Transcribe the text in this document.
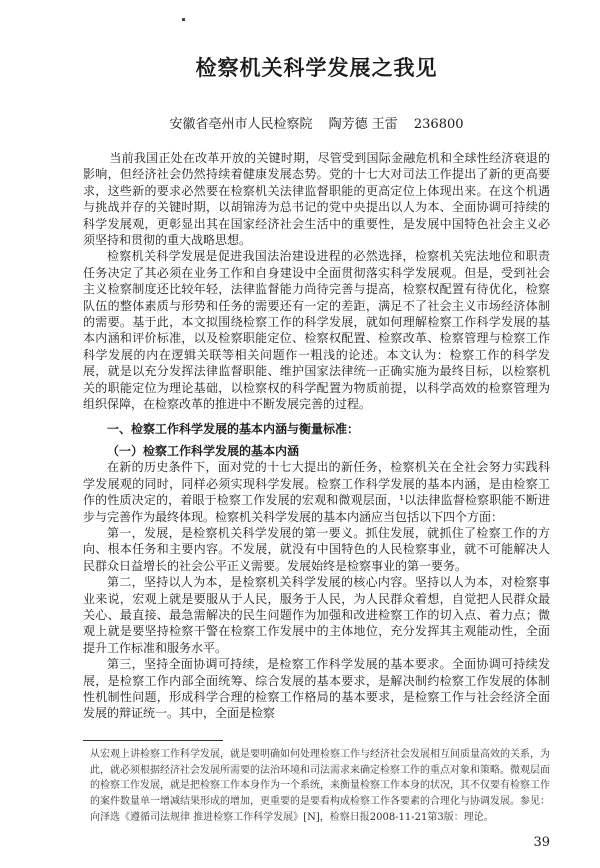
检察机关科学发展之我见
安徽省亳州市人民检察院 陶芳德 王雷 236800

当前我国正处在改革开放的关键时期，尽管受到国际金融危机和全球性经济衰退的影响，但经济社会仍然持续着健康发展态势。党的十七大对司法工作提出了新的更高要求，这些新的要求必然要在检察机关法律监督职能的更高定位上体现出来。在这个机遇与挑战并存的关键时期，以胡锦涛为总书记的党中央提出以人为本、全面协调可持续的科学发展观，更彰显出其在国家经济社会生活中的重要性，是发展中国特色社会主义必须坚持和贯彻的重大战略思想。

检察机关科学发展是促进我国法治建设进程的必然选择，检察机关宪法地位和职责任务决定了其必须在业务工作和自身建设中全面贯彻落实科学发展观。但是，受到社会主义检察制度还比较年轻，法律监督能力尚待完善与提高，检察权配置有待优化，检察队伍的整体素质与形势和任务的需要还有一定的差距，满足不了社会主义市场经济体制的需要。基于此，本文拟围绕检察工作的科学发展，就如何理解检察工作科学发展的基本内涵和评价标准，以及检察职能定位、检察权配置、检察改革、检察管理与检察工作科学发展的内在逻辑关联等相关问题作一粗浅的论述。本文认为：检察工作的科学发展，就是以充分发挥法律监督职能、维护国家法律统一正确实施为最终目标，以检察机关的职能定位为理论基础，以检察权的科学配置为物质前提，以科学高效的检察管理为组织保障，在检察改革的推进中不断发展完善的过程。

一、检察工作科学发展的基本内涵与衡量标准：

（一）检察工作科学发展的基本内涵

在新的历史条件下，面对党的十七大提出的新任务，检察机关在全社会努力实践科学发展观的同时，同样必须实现科学发展。检察工作科学发展的基本内涵，是由检察工作的性质决定的，着眼于检察工作发展的宏观和微观层面，¹以法律监督检察职能不断进步与完善作为最终体现。检察机关科学发展的基本内涵应当包括以下四个方面：

第一，发展，是检察机关科学发展的第一要义。抓住发展，就抓住了检察工作的方向、根本任务和主要内容。不发展，就没有中国特色的人民检察事业，就不可能解决人民群众日益增长的社会公平正义需要。发展始终是检察事业的第一要务。

第二，坚持以人为本，是检察机关科学发展的核心内容。坚持以人为本，对检察事业来说，宏观上就是要服从于人民，服务于人民，为人民群众着想，自觉把人民群众最关心、最直接、最急需解决的民生问题作为加强和改进检察工作的切入点、着力点；微观上就是要坚持检察干警在检察工作发展中的主体地位，充分发挥其主观能动性，全面提升工作标准和服务水平。

第三，坚持全面协调可持续，是检察工作科学发展的基本要求。全面协调可持续发展，是检察工作内部全面统筹、综合发展的基本要求，是解决制约检察工作发展的体制性机制性问题，形成科学合理的检察工作格局的基本要求，是检察工作与社会经济全面发展的辩证统一。其中，全面是检察

从宏观上讲检察工作科学发展，就是要明确如何处理检察工作与经济社会发展相互间质量高效的关系，为此，就必须根据经济社会发展所需要的法治环境和司法需求来确定检察工作的重点对象和策略。微观层面的检察工作发展，就是把检察工作本身作为一个系统，来衡量检察工作本身的状况，其不仅要有检察工作的案件数量单一增减结果形成的增加，更重要的是要看构成检察工作各要素的合理化与协调发展。参见：向泽选《遵循司法规律 推进检察工作科学发展》[N]，检察日报2008-11-21第3版：理论。
39
